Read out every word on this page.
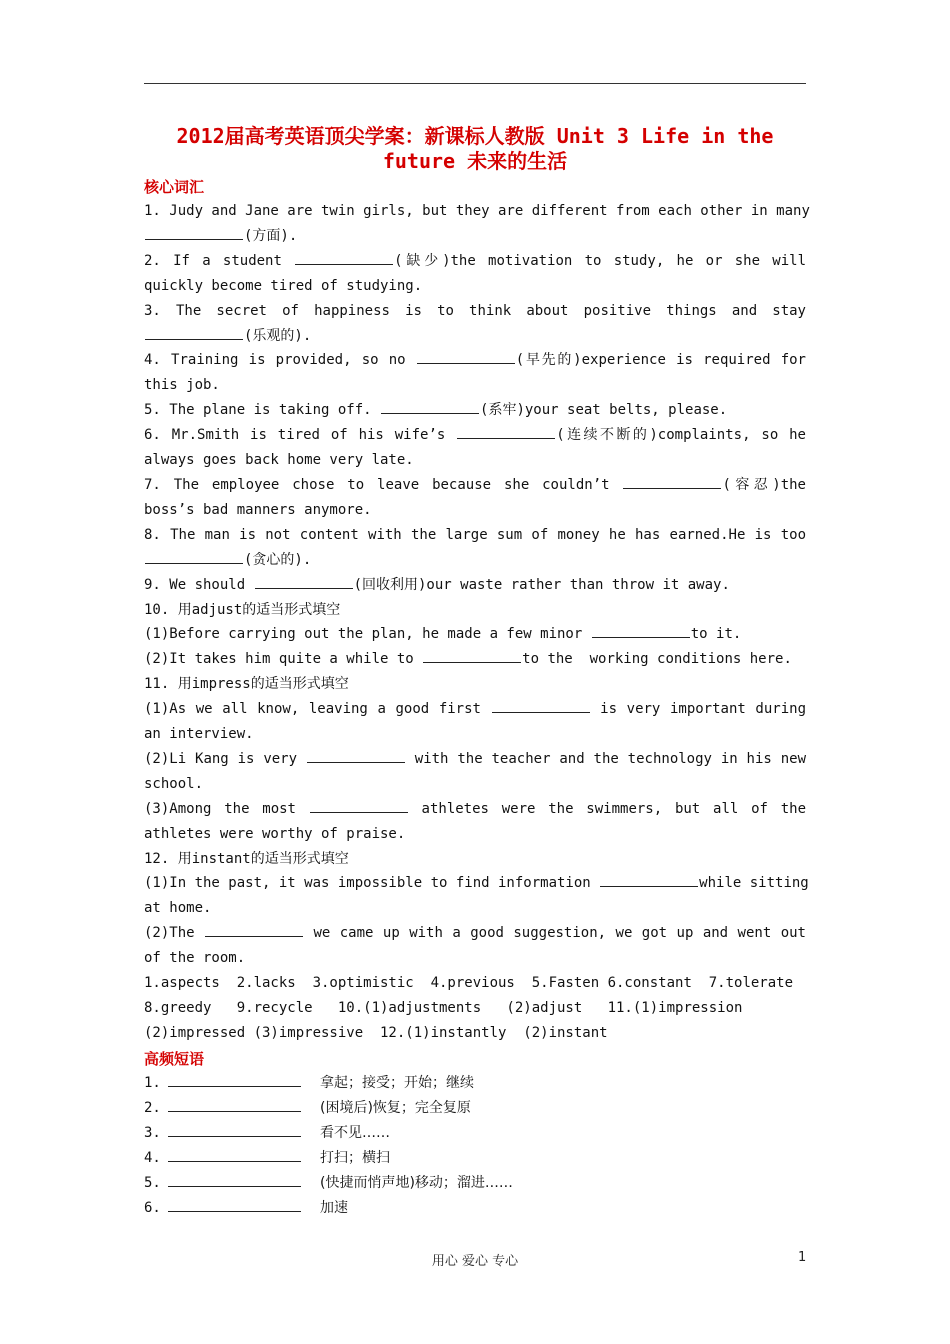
2012届高考英语顶尖学案：新课标人教版 Unit 3 Life in the
future 未来的生活
核心词汇
1. Judy and Jane are twin girls, but they are different from each other in many
(方面).
2. If a student	(缺少)the motivation to study, he or she will
quickly become tired of studying.
3. The secret of happiness is to think about positive things and stay
(乐观的).
4. Training is provided, so no	(早先的)experience is required for
this job.
5. The plane is taking off.	(系牢)your seat belts, please.
6. Mr.Smith is tired of his wife’s	(连续不断的)complaints, so he
always goes back home very late.
7. The employee chose to leave because she couldn’t	(容忍)the
boss’s bad manners anymore.
8. The man is not content with the large sum of money he has earned.He is too
(贪心的).
9. We should	(回收利用)our waste rather than throw it away.
10. 用adjust的适当形式填空
(1)Before carrying out the plan, he made a few minor	to it.
(2)It takes him quite a while to	to the  working conditions here.
11. 用impress的适当形式填空
(1)As we all know, leaving a good first	is very important during
an interview.
(2)Li Kang is very	with the teacher and the technology in his new
school.
(3)Among the most	athletes were the swimmers, but all of the
athletes were worthy of praise.
12. 用instant的适当形式填空
(1)In the past, it was impossible to find information	while sitting
at home.
(2)The	we came up with a good suggestion, we got up and went out
of the room.
1.aspects  2.lacks  3.optimistic  4.previous  5.Fasten 6.constant  7.tolerate
8.greedy   9.recycle   10.(1)adjustments   (2)adjust   11.(1)impression
(2)impressed (3)impressive  12.(1)instantly  (2)instant
高频短语
1.	拿起；接受；开始；继续
2.	(困境后)恢复；完全复原
3.	看不见……
4.	打扫；横扫
5.	(快捷而悄声地)移动；溜进……
6.	加速
用心 爱心 专心	1
